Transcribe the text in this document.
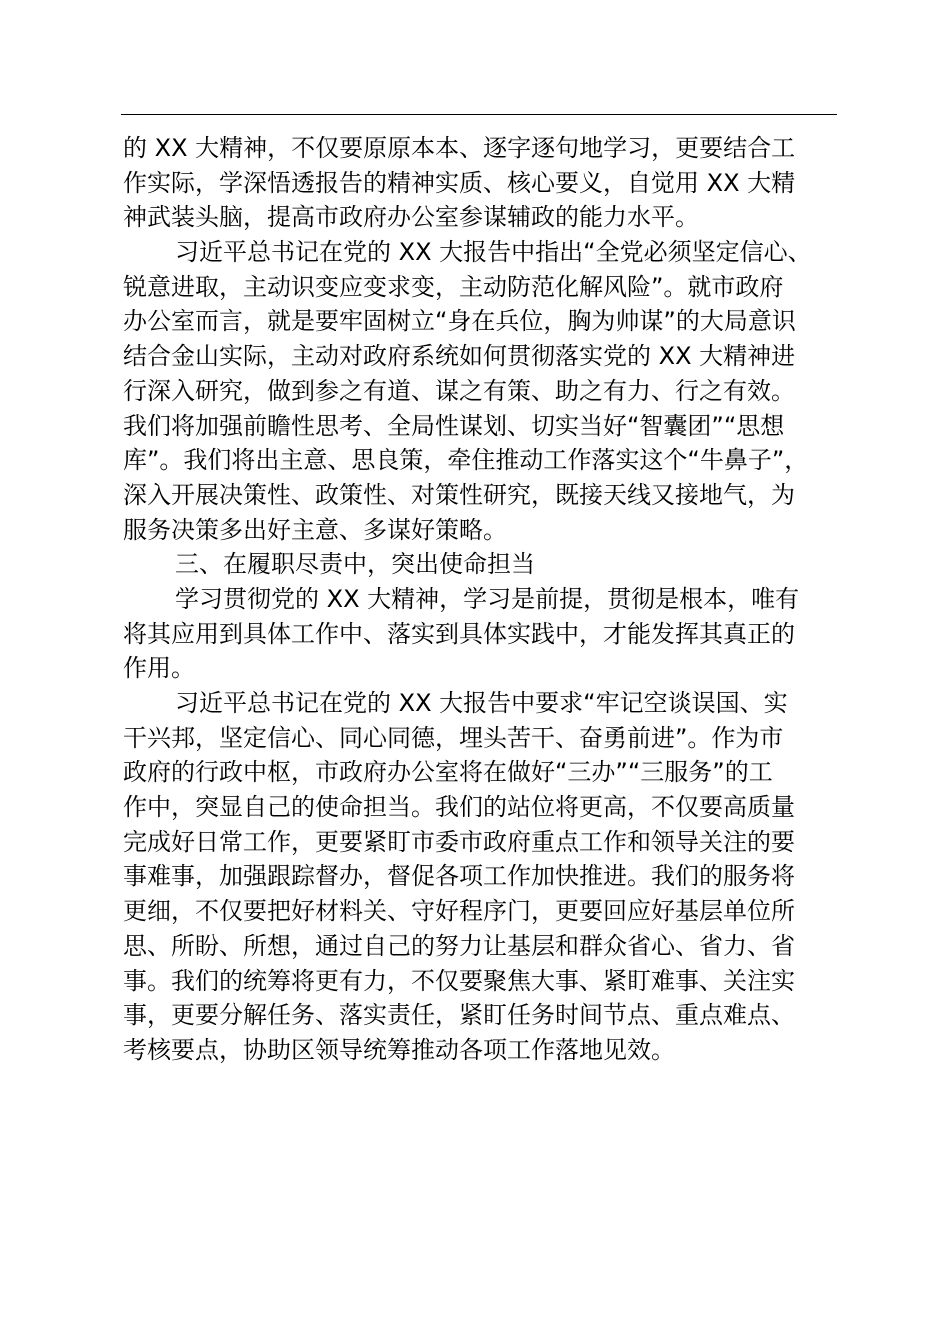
的 XX 大精神，不仅要原原本本、逐字逐句地学习，更要结合工
作实际，学深悟透报告的精神实质、核心要义，自觉用 XX 大精
神武装头脑，提高市政府办公室参谋辅政的能力水平。
习近平总书记在党的 XX 大报告中指出“全党必须坚定信心、
锐意进取，主动识变应变求变，主动防范化解风险”。就市政府
办公室而言，就是要牢固树立“身在兵位，胸为帅谋”的大局意识
结合金山实际，主动对政府系统如何贯彻落实党的 XX 大精神进
行深入研究，做到参之有道、谋之有策、助之有力、行之有效。
我们将加强前瞻性思考、全局性谋划、切实当好“智囊团”“思想
库”。我们将出主意、思良策，牵住推动工作落实这个“牛鼻子”，
深入开展决策性、政策性、对策性研究，既接天线又接地气，为
服务决策多出好主意、多谋好策略。
三、在履职尽责中，突出使命担当
学习贯彻党的 XX 大精神，学习是前提，贯彻是根本，唯有
将其应用到具体工作中、落实到具体实践中，才能发挥其真正的
作用。
习近平总书记在党的 XX 大报告中要求“牢记空谈误国、实
干兴邦，坚定信心、同心同德，埋头苦干、奋勇前进”。作为市
政府的行政中枢，市政府办公室将在做好“三办”“三服务”的工
作中，突显自己的使命担当。我们的站位将更高，不仅要高质量
完成好日常工作，更要紧盯市委市政府重点工作和领导关注的要
事难事，加强跟踪督办，督促各项工作加快推进。我们的服务将
更细，不仅要把好材料关、守好程序门，更要回应好基层单位所
思、所盼、所想，通过自己的努力让基层和群众省心、省力、省
事。我们的统筹将更有力，不仅要聚焦大事、紧盯难事、关注实
事，更要分解任务、落实责任，紧盯任务时间节点、重点难点、
考核要点，协助区领导统筹推动各项工作落地见效。
